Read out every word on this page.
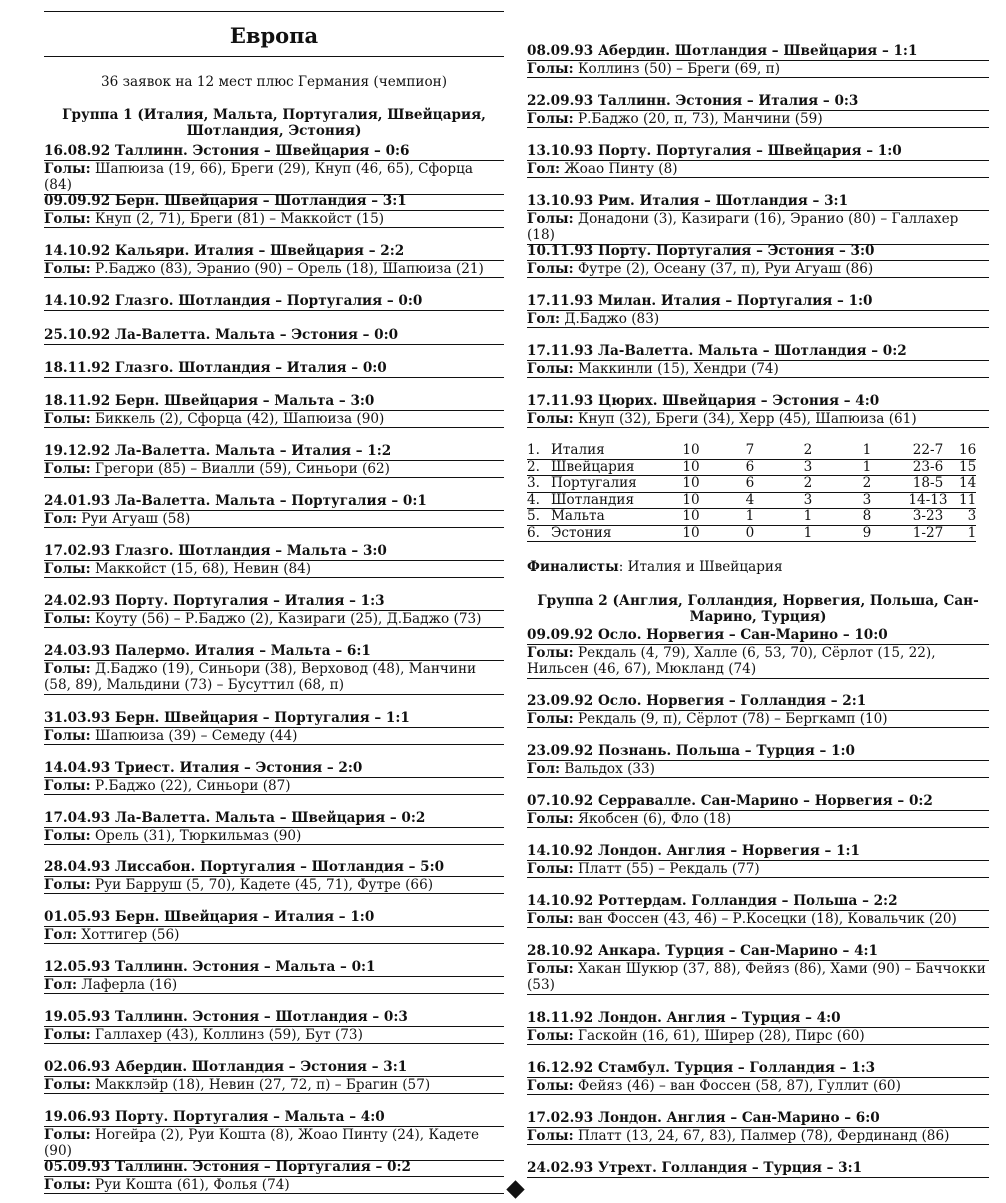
Европа
36 заявок на 12 мест плюс Германия (чемпион)
Группа 1 (Италия, Мальта, Португалия, Швейцария, Шотландия, Эстония)
16.08.92 Таллинн. Эстония – Швейцария – 0:6
Голы: Шапюиза (19, 66), Бреги (29), Кнуп (46, 65), Сфорца (84)
09.09.92 Берн. Швейцария – Шотландия – 3:1
Голы: Кнуп (2, 71), Бреги (81) – Маккойст (15)
14.10.92 Кальяри. Италия – Швейцария – 2:2
Голы: Р.Баджо (83), Эранио (90) – Орель (18), Шапюиза (21)
14.10.92 Глазго. Шотландия – Португалия – 0:0
25.10.92 Ла-Валетта. Мальта – Эстония – 0:0
18.11.92 Глазго. Шотландия – Италия – 0:0
18.11.92 Берн. Швейцария – Мальта – 3:0
Голы: Биккель (2), Сфорца (42), Шапюиза (90)
19.12.92 Ла-Валетта. Мальта – Италия – 1:2
Голы: Грегори (85) – Виалли (59), Синьори (62)
24.01.93 Ла-Валетта. Мальта – Португалия – 0:1
Гол: Руи Агуаш (58)
17.02.93 Глазго. Шотландия – Мальта – 3:0
Голы: Маккойст (15, 68), Невин (84)
24.02.93 Порту. Португалия – Италия – 1:3
Голы: Коуту (56) – Р.Баджо (2), Казираги (25), Д.Баджо (73)
24.03.93 Палермо. Италия – Мальта – 6:1
Голы: Д.Баджо (19), Синьори (38), Верховод (48), Манчини (58, 89), Мальдини (73) – Бусуттил (68, п)
31.03.93 Берн. Швейцария – Португалия – 1:1
Голы: Шапюиза (39) – Семеду (44)
14.04.93 Триест. Италия – Эстония – 2:0
Голы: Р.Баджо (22), Синьори (87)
17.04.93 Ла-Валетта. Мальта – Швейцария – 0:2
Голы: Орель (31), Тюркильмаз (90)
28.04.93 Лиссабон. Португалия – Шотландия – 5:0
Голы: Руи Барруш (5, 70), Кадете (45, 71), Футре (66)
01.05.93 Берн. Швейцария – Италия – 1:0
Гол: Хоттигер (56)
12.05.93 Таллинн. Эстония – Мальта – 0:1
Гол: Лаферла (16)
19.05.93 Таллинн. Эстония – Шотландия – 0:3
Голы: Галлахер (43), Коллинз (59), Бут (73)
02.06.93 Абердин. Шотландия – Эстония – 3:1
Голы: Макклэйр (18), Невин (27, 72, п) – Брагин (57)
19.06.93 Порту. Португалия – Мальта – 4:0
Голы: Ногейра (2), Руи Кошта (8), Жоао Пинту (24), Кадете (90)
05.09.93 Таллинн. Эстония – Португалия – 0:2
Голы: Руи Кошта (61), Фолья (74)
08.09.93 Абердин. Шотландия – Швейцария – 1:1
Голы: Коллинз (50) – Бреги (69, п)
22.09.93 Таллинн. Эстония – Италия – 0:3
Голы: Р.Баджо (20, п, 73), Манчини (59)
13.10.93 Порту. Португалия – Швейцария – 1:0
Гол: Жоао Пинту (8)
13.10.93 Рим. Италия – Шотландия – 3:1
Голы: Донадони (3), Казираги (16), Эранио (80) – Галлахер (18)
10.11.93 Порту. Португалия – Эстония – 3:0
Голы: Футре (2), Осеану (37, п), Руи Агуаш (86)
17.11.93 Милан. Италия – Португалия – 1:0
Гол: Д.Баджо (83)
17.11.93 Ла-Валетта. Мальта – Шотландия – 0:2
Голы: Маккинли (15), Хендри (74)
17.11.93 Цюрих. Швейцария – Эстония – 4:0
Голы: Кнуп (32), Бреги (34), Херр (45), Шапюиза (61)
1.	Италия	10	7	2	1	22-7	16
2.	Швейцария	10	6	3	1	23-6	15
3.	Португалия	10	6	2	2	18-5	14
4.	Шотландия	10	4	3	3	14-13	11
5.	Мальта	10	1	1	8	3-23	3
6.	Эстония	10	0	1	9	1-27	1
Финалисты: Италия и Швейцария
Группа 2 (Англия, Голландия, Норвегия, Польша, Сан-Марино, Турция)
09.09.92 Осло. Норвегия – Сан-Марино – 10:0
Голы: Рекдаль (4, 79), Халле (6, 53, 70), Сёрлот (15, 22), Нильсен (46, 67), Мюкланд (74)
23.09.92 Осло. Норвегия – Голландия – 2:1
Голы: Рекдаль (9, п), Сёрлот (78) – Бергкамп (10)
23.09.92 Познань. Польша – Турция – 1:0
Гол: Вальдох (33)
07.10.92 Серравалле. Сан-Марино – Норвегия – 0:2
Голы: Якобсен (6), Фло (18)
14.10.92 Лондон. Англия – Норвегия – 1:1
Голы: Платт (55) – Рекдаль (77)
14.10.92 Роттердам. Голландия – Польша – 2:2
Голы: ван Фоссен (43, 46) – Р.Косецки (18), Ковальчик (20)
28.10.92 Анкара. Турция – Сан-Марино – 4:1
Голы: Хакан Шукюр (37, 88), Фейяз (86), Хами (90) – Баччокки (53)
18.11.92 Лондон. Англия – Турция – 4:0
Голы: Гаскойн (16, 61), Ширер (28), Пирс (60)
16.12.92 Стамбул. Турция – Голландия – 1:3
Голы: Фейяз (46) – ван Фоссен (58, 87), Гуллит (60)
17.02.93 Лондон. Англия – Сан-Марино – 6:0
Голы: Платт (13, 24, 67, 83), Палмер (78), Фердинанд (86)
24.02.93 Утрехт. Голландия – Турция – 3:1
